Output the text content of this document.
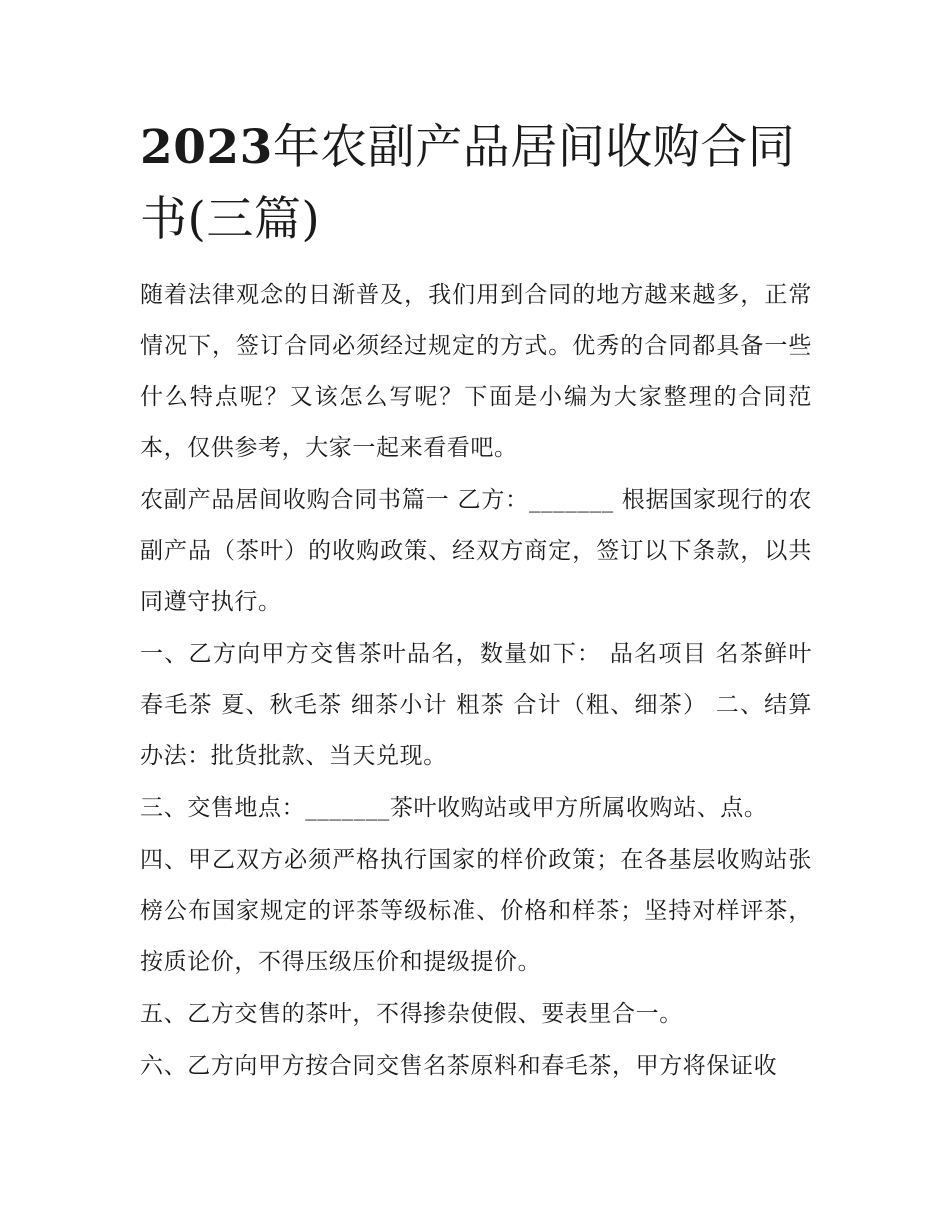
2023年农副产品居间收购合同书(三篇)

随着法律观念的日渐普及，我们用到合同的地方越来越多，正常情况下，签订合同必须经过规定的方式。优秀的合同都具备一些什么特点呢？又该怎么写呢？下面是小编为大家整理的合同范本，仅供参考，大家一起来看看吧。

农副产品居间收购合同书篇一 乙方：_______ 根据国家现行的农副产品（茶叶）的收购政策、经双方商定，签订以下条款，以共同遵守执行。

一、乙方向甲方交售茶叶品名，数量如下： 品名项目 名茶鲜叶 春毛茶 夏、秋毛茶 细茶小计 粗茶 合计（粗、细茶） 二、结算办法：批货批款、当天兑现。

三、交售地点：_______茶叶收购站或甲方所属收购站、点。

四、甲乙双方必须严格执行国家的样价政策；在各基层收购站张榜公布国家规定的评茶等级标准、价格和样茶；坚持对样评茶，按质论价，不得压级压价和提级提价。

五、乙方交售的茶叶，不得掺杂使假、要表里合一。

六、乙方向甲方按合同交售名茶原料和春毛茶，甲方将保证收
